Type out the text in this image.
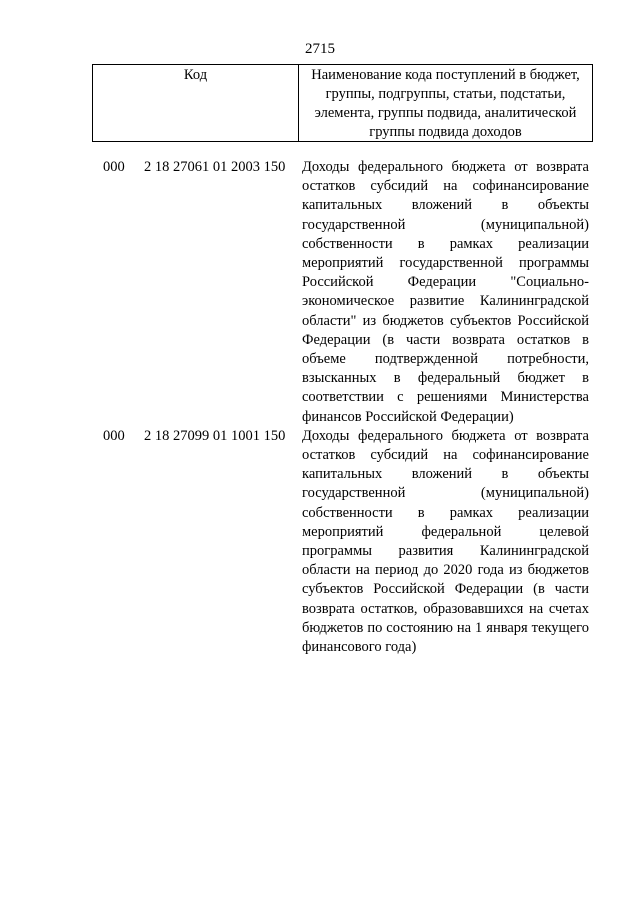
2715
Код	Наименование кода поступлений в бюджет, группы, подгруппы, статьи, подстатьи, элемента, группы подвида, аналитической группы подвида доходов
000 2 18 27061 01 2003 150 Доходы федерального бюджета от возврата остатков субсидий на софинансирование капитальных вложений в объекты государственной (муниципальной) собственности в рамках реализации мероприятий государственной программы Российской Федерации "Социально-экономическое развитие Калининградской области" из бюджетов субъектов Российской Федерации (в части возврата остатков в объеме подтвержденной потребности, взысканных в федеральный бюджет в соответствии с решениями Министерства финансов Российской Федерации)
000 2 18 27099 01 1001 150 Доходы федерального бюджета от возврата остатков субсидий на софинансирование капитальных вложений в объекты государственной (муниципальной) собственности в рамках реализации мероприятий федеральной целевой программы развития Калининградской области на период до 2020 года из бюджетов субъектов Российской Федерации (в части возврата остатков, образовавшихся на счетах бюджетов по состоянию на 1 января текущего финансового года)
